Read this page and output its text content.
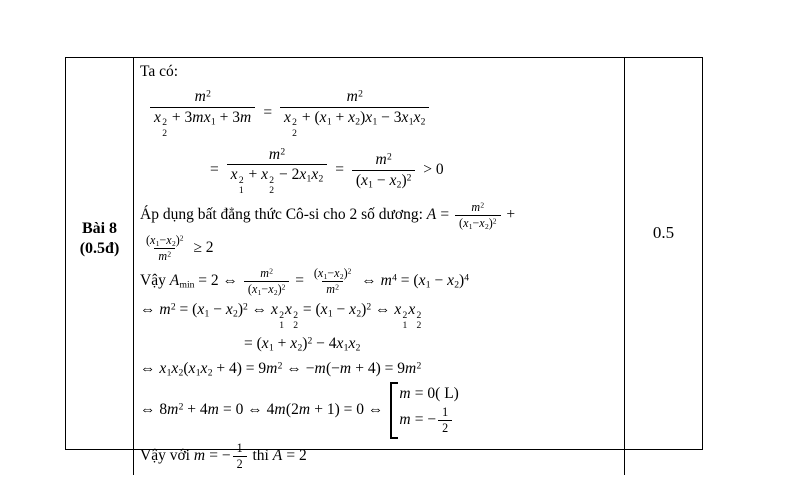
Bài 8
(0.5đ)
Ta có:
$m^2$
x 2
2
+ $3mx_1 + 3m = m^2$
x 2
2
+ $(x_1 + x_2)x_1 - 3x_1x_2$
= $m^2$
x 2
1
+ x 2
2
− $2x_1x_2 = \frac{m^2}{(x_1 - x_2)^2} > 0$
Áp dụng bất đẳng thức Cô-si cho 2 số dương: $A = \frac{m^2}{(x_1-x_2)^2}$ +
$\frac{(x_1-x_2)^2}{m^2} \ge 2$
Vậy $A_{min} = 2$ ⇔ $\frac{m^2}{(x_1-x_2)^2} = \frac{(x_1-x_2)^2}{m^2}$ ⇔ $m^4 = (x_1 - x_2)^4$
⇔ $m^2 = (x_1 - x_2)^2$ ⇔ x 2
1
x 2
2
= $(x_1 - x_2)^2$ ⇔ x 2
1
x 2
2
= $(x_1 + x_2)^2 - 4x_1x_2$
⇔ $x_1x_2(x_1x_2 + 4) = 9m^2$ ⇔ $-m(-m + 4) = 9m^2$
⇔ $8m^2 + 4m = 0$ ⇔ 4m(2m + 1) = 0 ⇔
m = 0( L)
m = − $\frac{1}{2}$
Vậy với m = − $\frac{1}{2}$ thì A = 2
0.5
